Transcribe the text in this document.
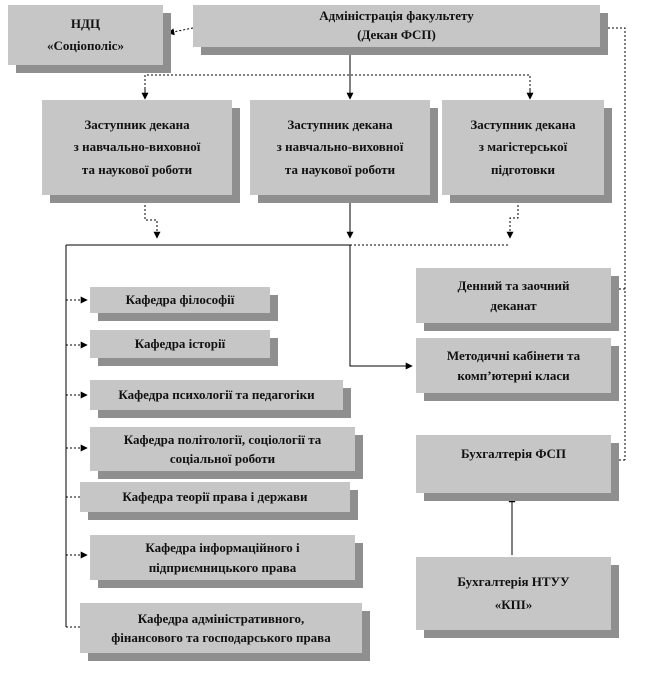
НДЦ
«Соціополіс»
Адміністрація факультету
(Декан ФСП)
Заступник декана
з навчально-виховної
та наукової роботи
Заступник декана
з навчально-виховної
та наукової роботи
Заступник декана
з магістерської
підготовки
Кафедра філософії
Кафедра історії
Кафедра психології та педагогіки
Кафедра політології, соціології та
соціальної роботи
Кафедра теорії права і держави
Кафедра інформаційного і
підприємницького права
Кафедра адміністративного,
фінансового та господарського права
Денний та заочний
деканат
Методичні кабінети та
комп’ютерні класи
Бухгалтерія ФСП
Бухгалтерія НТУУ
«КПІ»
